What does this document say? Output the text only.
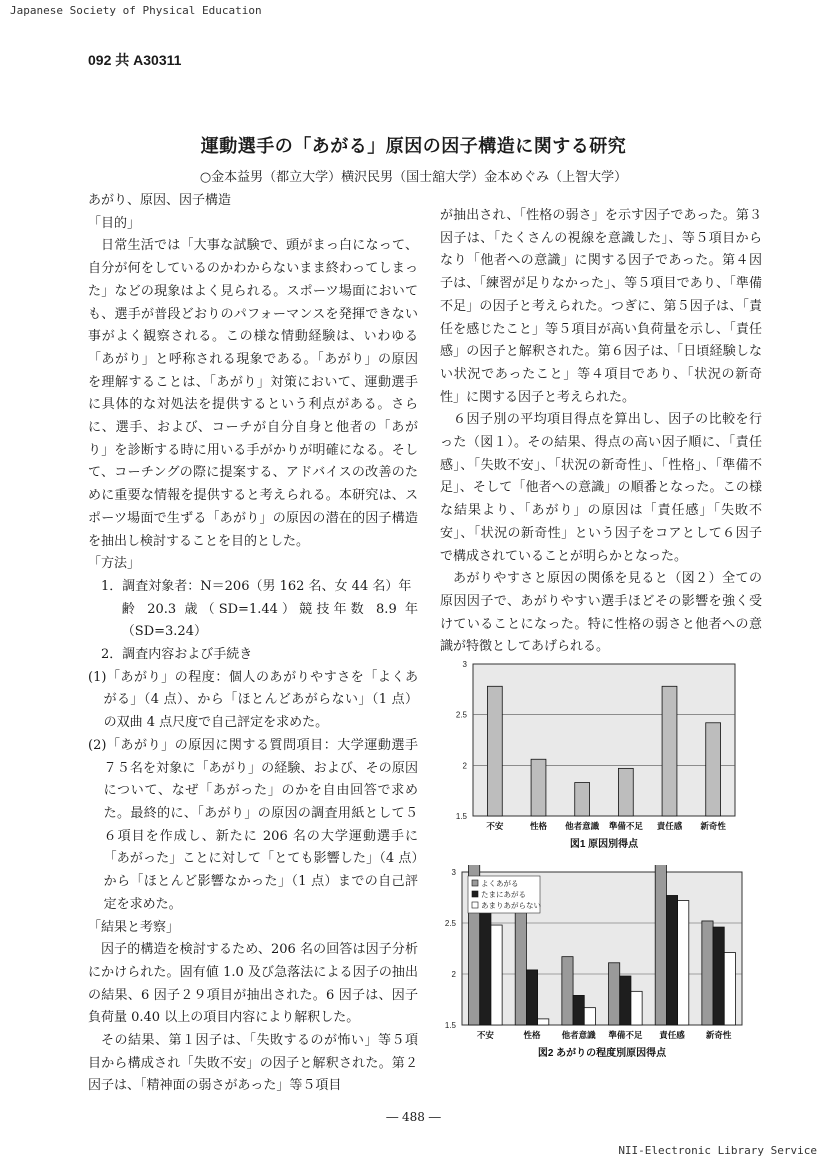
Japanese Society of Physical Education
092 共 A30311
運動選手の「あがる」原因の因子構造に関する研究
○金本益男（都立大学）横沢民男（国士舘大学）金本めぐみ（上智大学）

あがり、原因、因子構造

「目的」

日常生活では「大事な試験で、頭がまっ白になって、自分が何をしているのかわからないまま終わってしまった」などの現象はよく見られる。スポーツ場面においても、選手が普段どおりのパフォーマンスを発揮できない事がよく観察される。この様な情動経験は、いわゆる「あがり」と呼称される現象である。「あがり」の原因を理解することは、「あがり」対策において、運動選手に具体的な対処法を提供するという利点がある。さらに、選手、および、コーチが自分自身と他者の「あがり」を診断する時に用いる手がかりが明確になる。そして、コーチングの際に提案する、アドバイスの改善のために重要な情報を提供すると考えられる。本研究は、スポーツ場面で生ずる「あがり」の原因の潜在的因子構造を抽出し検討することを目的とした。

「方法」

1．調査対象者：N＝206（男 162 名、女 44 名）年

齢 20.3 歳（SD=1.44）競技年数 8.9 年（SD=3.24）

2．調査内容および手続き

(1)「あがり」の程度：個人のあがりやすさを「よくあがる」（4 点）、から「ほとんどあがらない」（1 点）の双曲 4 点尺度で自己評定を求めた。

(2)「あがり」の原因に関する質問項目：大学運動選手７５名を対象に「あがり」の経験、および、その原因について、なぜ「あがった」のかを自由回答で求めた。最終的に、「あがり」の原因の調査用紙として５６項目を作成し、新たに 206 名の大学運動選手に「あがった」ことに対して「とても影響した」（4 点）から「ほとんど影響なかった」（1 点）までの自己評定を求めた。

「結果と考察」

因子的構造を検討するため、206 名の回答は因子分析にかけられた。固有値 1.0 及び急落法による因子の抽出の結果、6 因子２９項目が抽出された。6 因子は、因子負荷量 0.40 以上の項目内容により解釈した。

その結果、第１因子は、「失敗するのが怖い」等５項目から構成され「失敗不安」の因子と解釈された。第２因子は、「精神面の弱さがあった」等５項目

が抽出され、「性格の弱さ」を示す因子であった。第３因子は、「たくさんの視線を意識した」、等５項目からなり「他者への意識」に関する因子であった。第４因子は、「練習が足りなかった」、等５項目であり、「準備不足」の因子と考えられた。つぎに、第５因子は、「責任を感じたこと」等５項目が高い負荷量を示し、「責任感」の因子と解釈された。第６因子は、「日頃経験しない状況であったこと」等４項目であり、「状況の新奇性」に関する因子と考えられた。

６因子別の平均項目得点を算出し、因子の比較を行った（図１）。その結果、得点の高い因子順に、「責任感」、「失敗不安」、「状況の新奇性」、「性格」、「準備不足」、そして「他者への意識」の順番となった。この様な結果より、「あがり」の原因は「責任感」「失敗不安」、「状況の新奇性」という因子をコアとして６因子で構成されていることが明らかとなった。

あがりやすさと原因の関係を見ると（図２）全ての原因因子で、あがりやすい選手ほどその影響を強く受けていることになった。特に性格の弱さと他者への意識が特徴としてあげられる。

1.5
2
2.5
3
不安	性格 他者意識 準備不足 責任感 新奇性
図1 原因別得点
1.5
2
2.5
3
不安	性格 他者意識 準備不足 責任感 新奇性
よくあがる
たまにあがる
あまりあがらない
図2 あがりの程度別原因得点
― 488 ―
NII-Electronic Library Service
